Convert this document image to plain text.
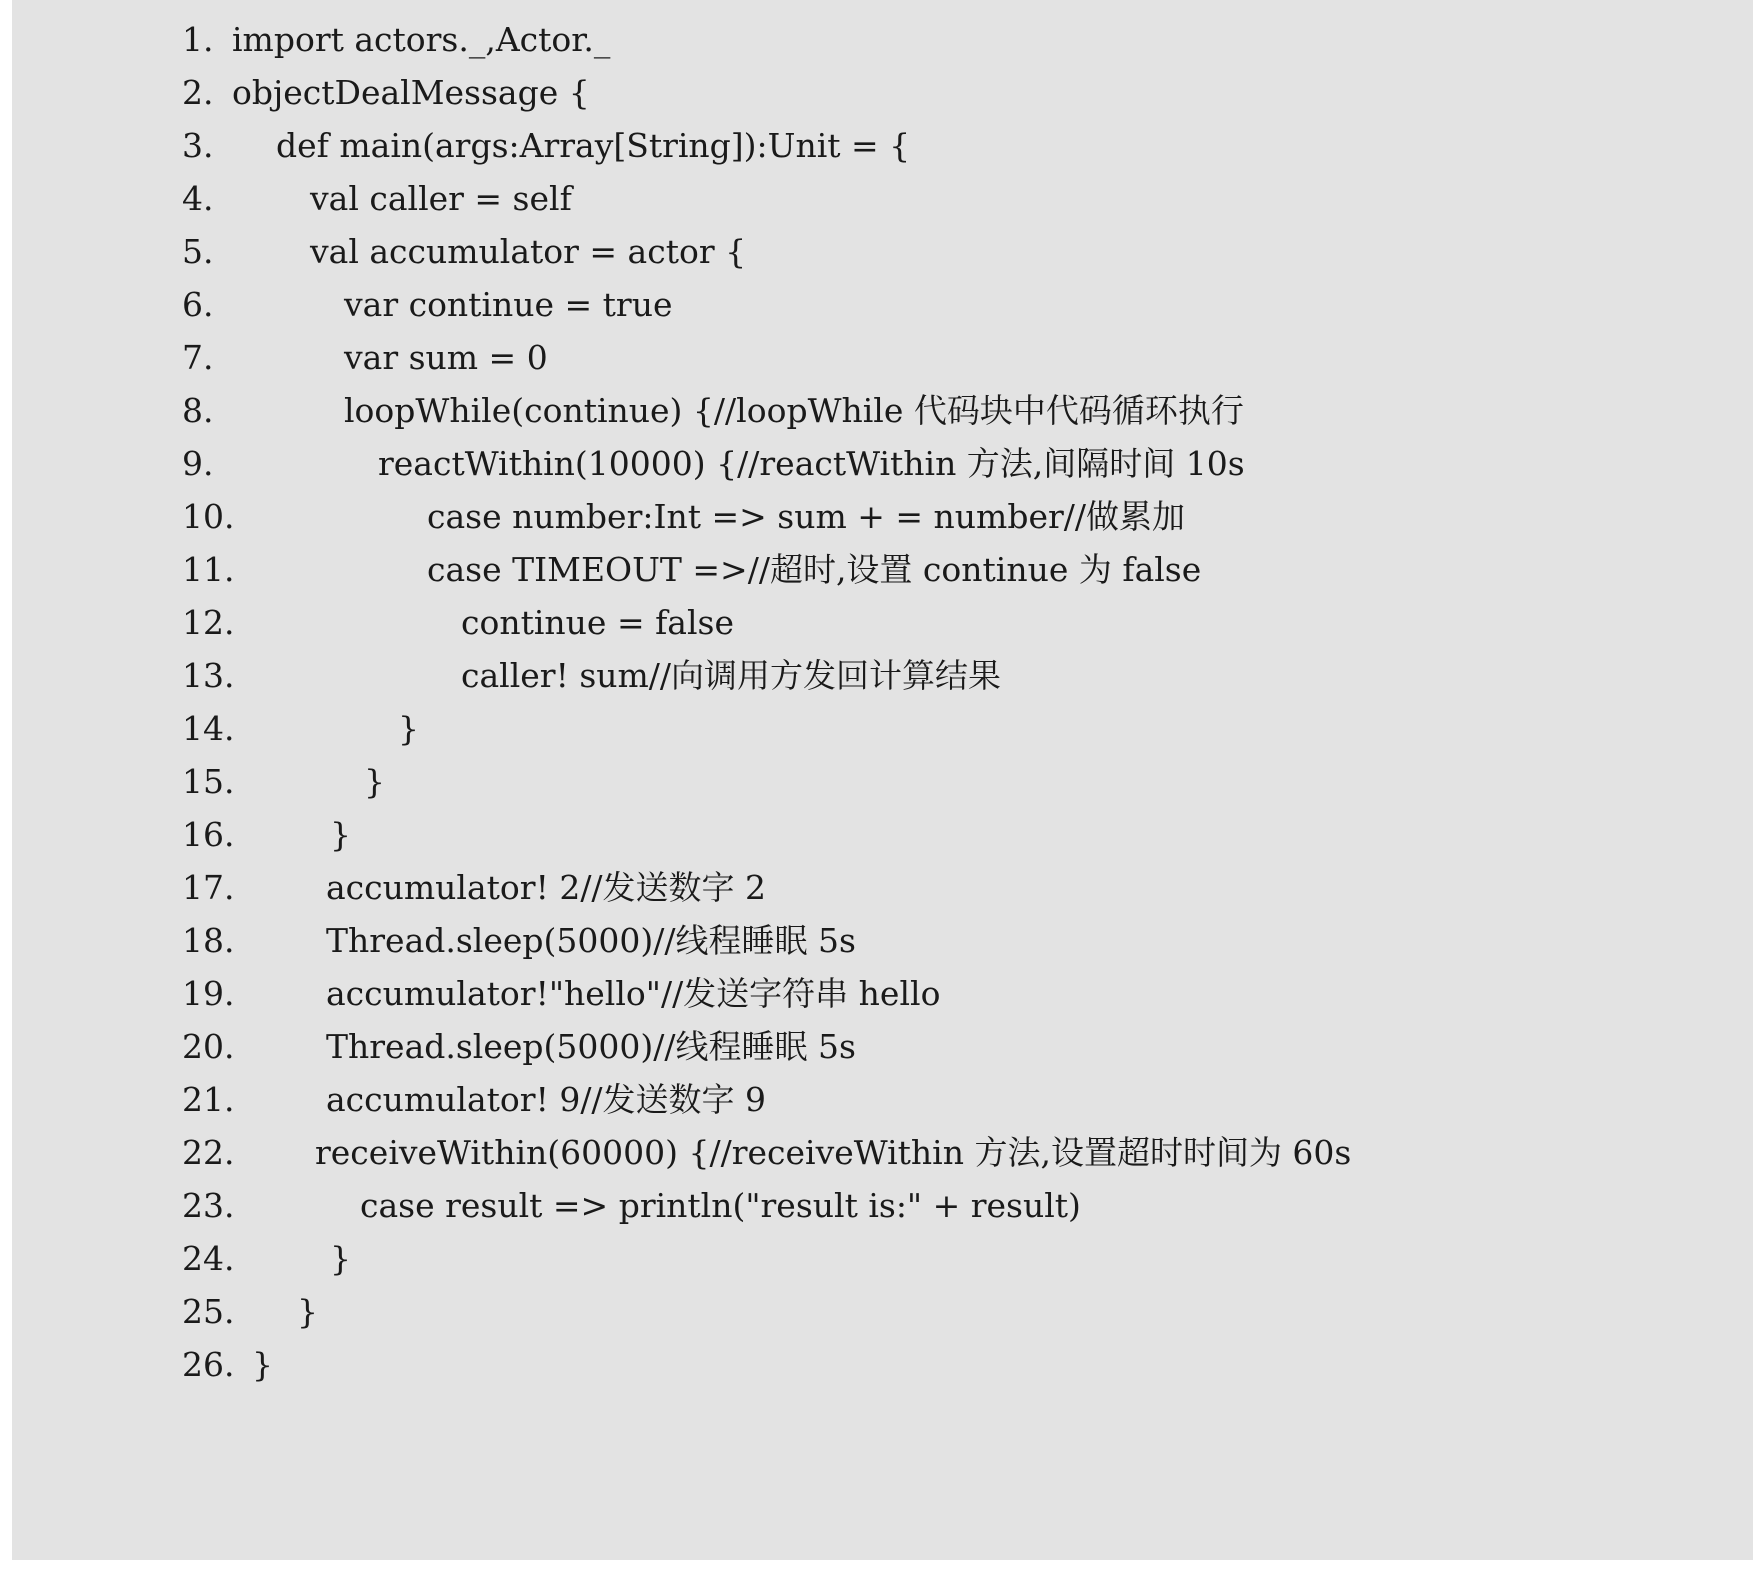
1.

import actors._,Actor._

2.

objectDealMessage {

3.

def main(args:Array[String]):Unit = {

4.

	val caller = self

5.

	val accumulator = actor {

6.

	var continue = true

7.

	var sum = 0

8.

	loopWhile(continue) {//loopWhile 代码块中代码循环执行

9.

	reactWithin(10000) {//reactWithin 方法,间隔时间 10s

10.

	case number:Int => sum + = number//做累加

11.

	case TIMEOUT =>//超时,设置 continue 为 false

12.

	continue = false

13.

	caller! sum//向调用方发回计算结果

14.

	}

15.

	}

16.

	}

17.

	accumulator! 2//发送数字 2

18.

	Thread.sleep(5000)//线程睡眠 5s

19.

	accumulator!"hello"//发送字符串 hello

20.

	Thread.sleep(5000)//线程睡眠 5s

21.

	accumulator! 9//发送数字 9

22.

receiveWithin(60000) {//receiveWithin 方法,设置超时时间为 60s

23.

	case result => println("result is:" + result)

24.

	}

25.

}

26.

}
